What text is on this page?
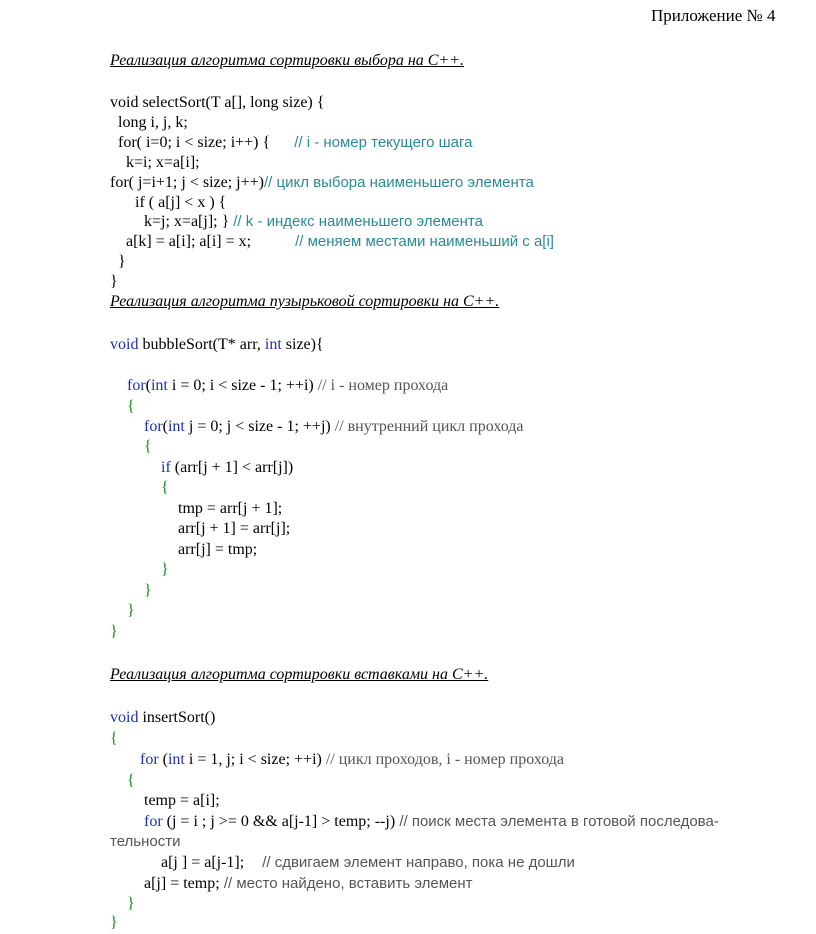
Приложение № 4
Реализация алгоритма сортировки выбора на С++.
void selectSort(T a[], long size) {
long i, j, k;
for( i=0; i < size; i++) { // i - номер текущего шага
k=i; x=a[i];
for( j=i+1; j < size; j++)// цикл выбора наименьшего элемента
if ( a[j] < x ) {
k=j; x=a[j]; } // k - индекс наименьшего элемента
a[k] = a[i]; a[i] = x;	// меняем местами наименьший с a[i]
}
}
Реализация алгоритма пузырьковой сортировки на С++.
void bubbleSort(T* arr, int size){
for(int i = 0; i < size - 1; ++i) // i - номер прохода
{
for(int j = 0; j < size - 1; ++j) // внутренний цикл прохода
{
if (arr[j + 1] < arr[j])
{
tmp = arr[j + 1];
arr[j + 1] = arr[j];
arr[j] = tmp;
}
}
}
}
Реализация алгоритма сортировки вставками на С++.
void insertSort()
{
for (int i = 1, j; i < size; ++i) // цикл проходов, i - номер прохода
{
temp = a[i];
for (j = i ; j >= 0 && a[j-1] > temp; --j) // поиск места элемента в готовой последова-
тельности
a[j ] = a[j-1]; // сдвигаем элемент направо, пока не дошли
a[j] = temp; // место найдено, вставить элемент
}
}
